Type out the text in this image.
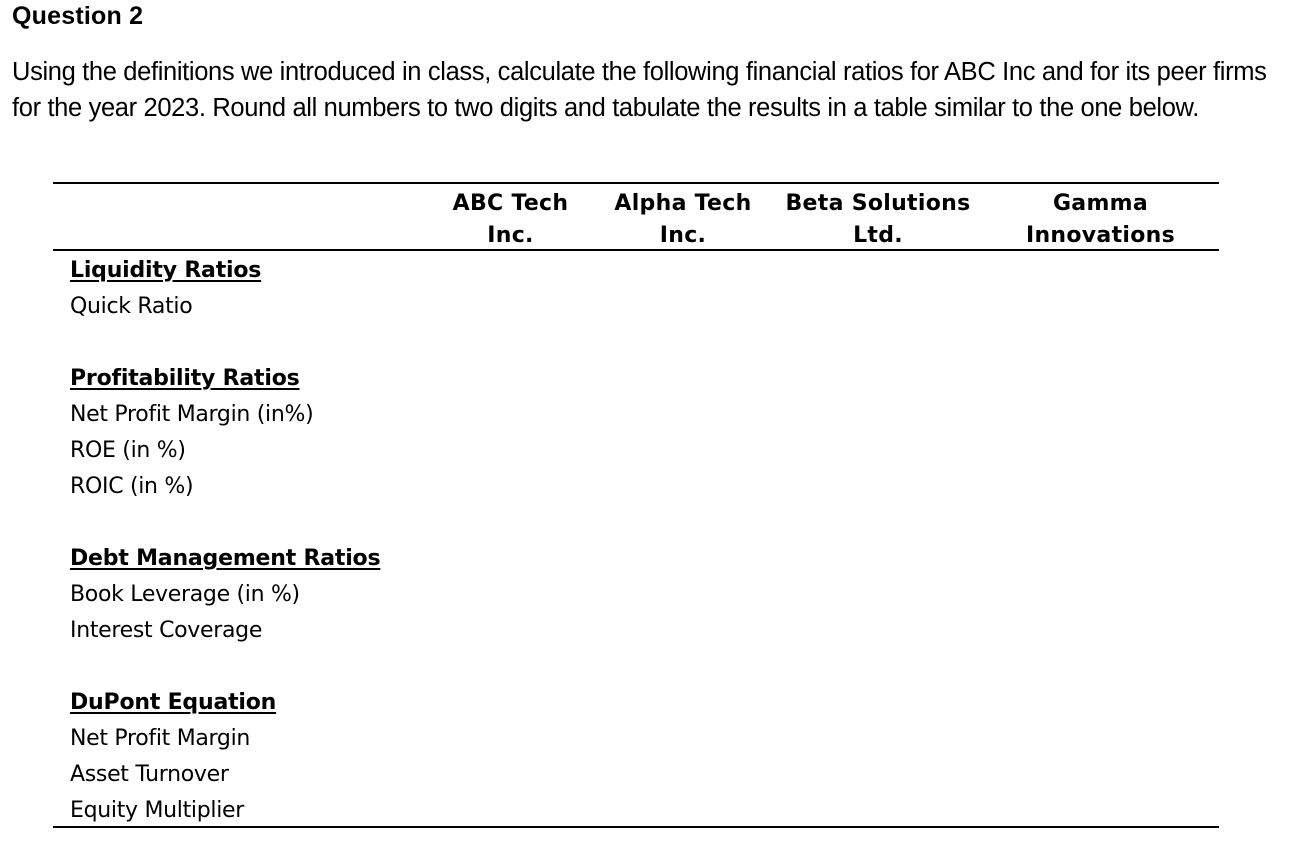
Question 2

Using the definitions we introduced in class, calculate the following financial ratios for ABC Inc and for its peer firms for the year 2023. Round all numbers to two digits and tabulate the results in a table similar to the one below.

ABC Tech
Inc.
Alpha Tech
Inc.
Beta Solutions
Ltd.
Gamma
Innovations
Liquidity Ratios
Quick Ratio
Profitability Ratios
Net Profit Margin (in%)
ROE (in %)
ROIC (in %)
Debt Management Ratios
Book Leverage (in %)
Interest Coverage
DuPont Equation
Net Profit Margin
Asset Turnover
Equity Multiplier
